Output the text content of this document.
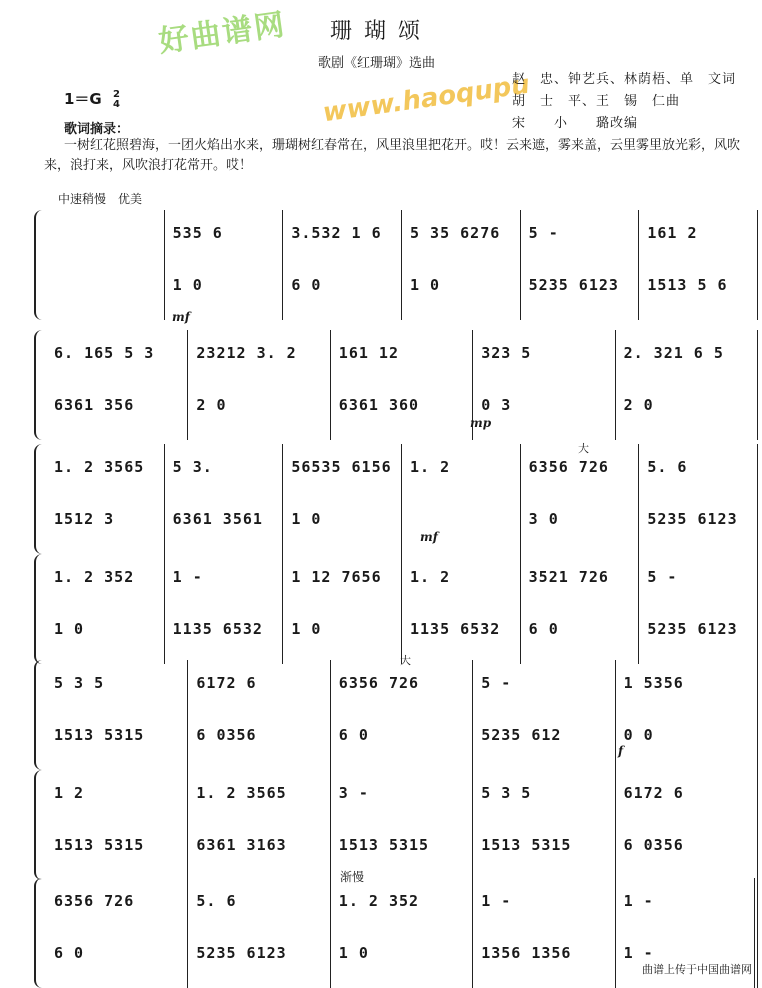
好曲谱网
www.haoqupu
珊瑚颂
歌剧《红珊瑚》选曲
赵　忠、钟艺兵、林荫梧、单　文词
胡　士　平、王　锡　仁曲
宋　　小　　璐改编
1＝G 2
4
歌词摘录：
一树红花照碧海，一团火焰出水来，珊瑚树红春常在，风里浪里把花开。哎！云来遮，雾来盖，云里雾里放光彩，风吹来，浪打来，风吹浪打花常开。哎！
中速稍慢　优美
535 6
1 0
3.532 1 6
6 0
5 35 6276
1 0
5 -
5235 6123
161 2
1513 5 6
6. 165 5 3
6361 356
23212 3. 2
2 0
161 12
6361 360
323 5
0 3
2. 321 6 5
2 0
1. 2 3565
1512 3
5 3.
6361 3561
56535 6156
1 0
1. 2	6356 726
3 0
5. 6
5235 6123
1. 2 352
1 0
1 -
1135 6532
1 12 7656
1 0
1. 2
1135 6532
3521 726
6 0
5 -
5235 6123
5 3 5
1513 5315
6172 6
6 0356
6356 726
6 0
5 -
5235 612
1 5356
0 0
1 2
1513 5315
1. 2 3565
6361 3163
3 -
1513 5315
5 3 5
1513 5315
6172 6
6 0356
6356 726
6 0
5. 6
5235 6123
1. 2 352
1 0
1 -
1356 1356
1 -
1 -
mf
mp
mf
f
大
大
渐慢
曲谱上传于中国曲谱网
